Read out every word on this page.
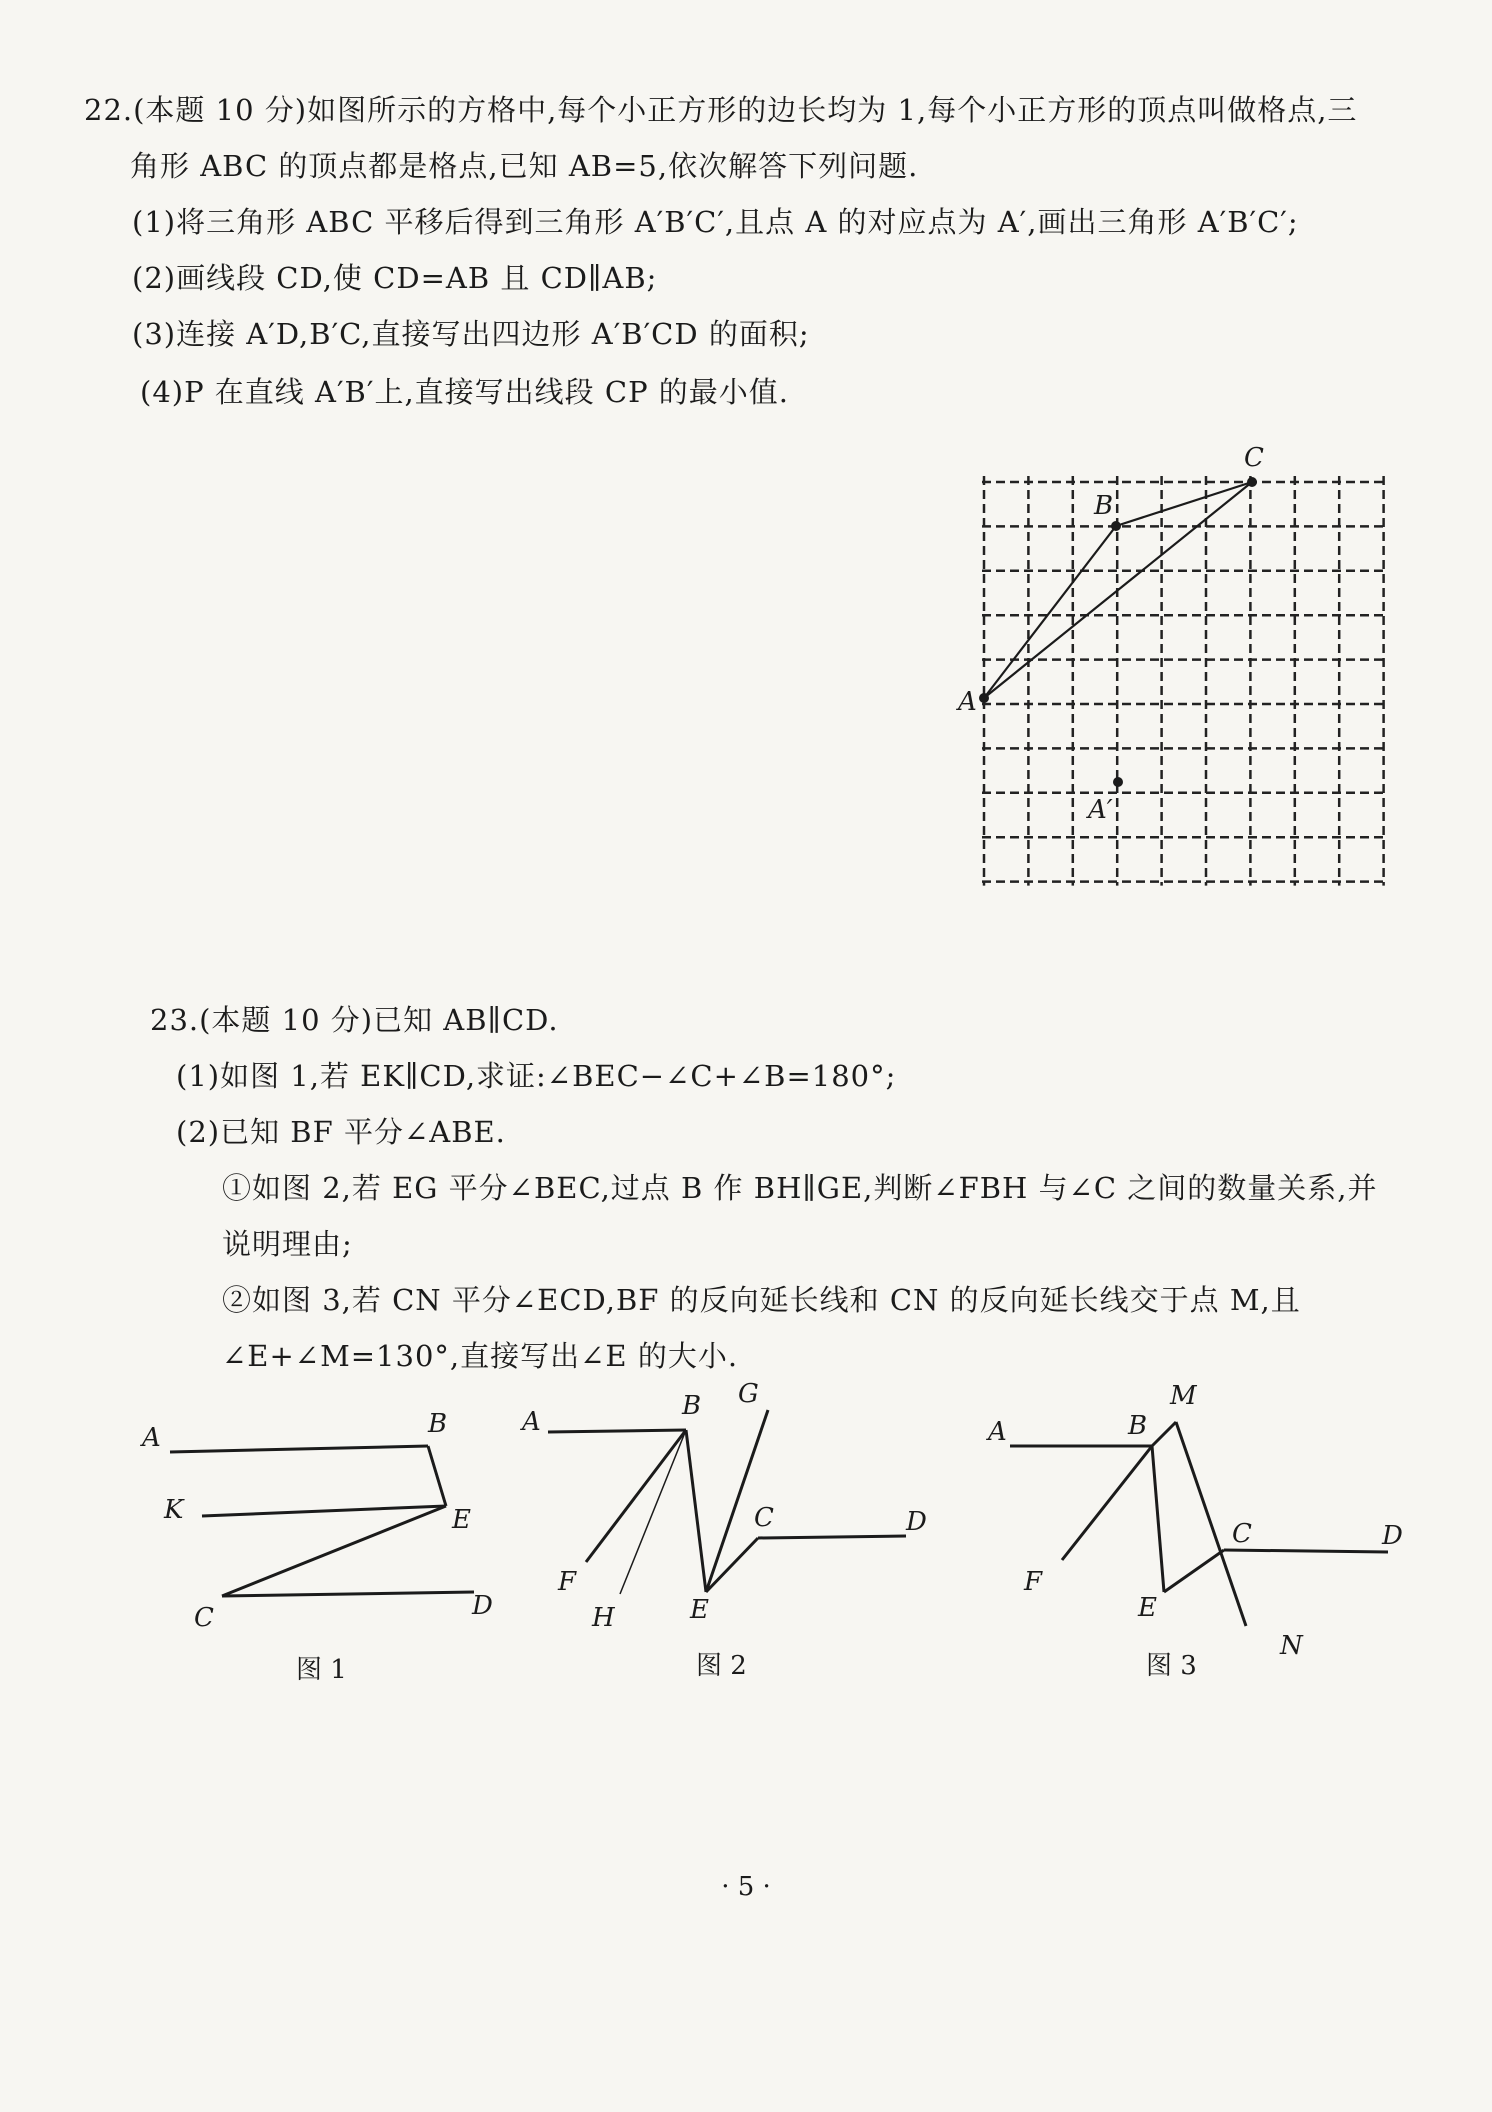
22.(本题 10 分)如图所示的方格中,每个小正方形的边长均为 1,每个小正方形的顶点叫做格点,三
角形 ABC 的顶点都是格点,已知 AB=5,依次解答下列问题.
(1)将三角形 ABC 平移后得到三角形 A′B′C′,且点 A 的对应点为 A′,画出三角形 A′B′C′;
(2)画线段 CD,使 CD=AB 且 CD∥AB;
(3)连接 A′D,B′C,直接写出四边形 A′B′CD 的面积;
(4)P 在直线 A′B′上,直接写出线段 CP 的最小值.
23.(本题 10 分)已知 AB∥CD.
(1)如图 1,若 EK∥CD,求证:∠BEC−∠C+∠B=180°;
(2)已知 BF 平分∠ABE.
①如图 2,若 EG 平分∠BEC,过点 B 作 BH∥GE,判断∠FBH 与∠C 之间的数量关系,并
说明理由;
②如图 3,若 CN 平分∠ECD,BF 的反向延长线和 CN 的反向延长线交于点 M,且
∠E+∠M=130°,直接写出∠E 的大小.
A
B
C
A′
A	B
K	E
C	D
图 1
A
B G
C	D
F
H	E
图 2
A	B
M
C	D
F
E
N
图 3
· 5 ·
